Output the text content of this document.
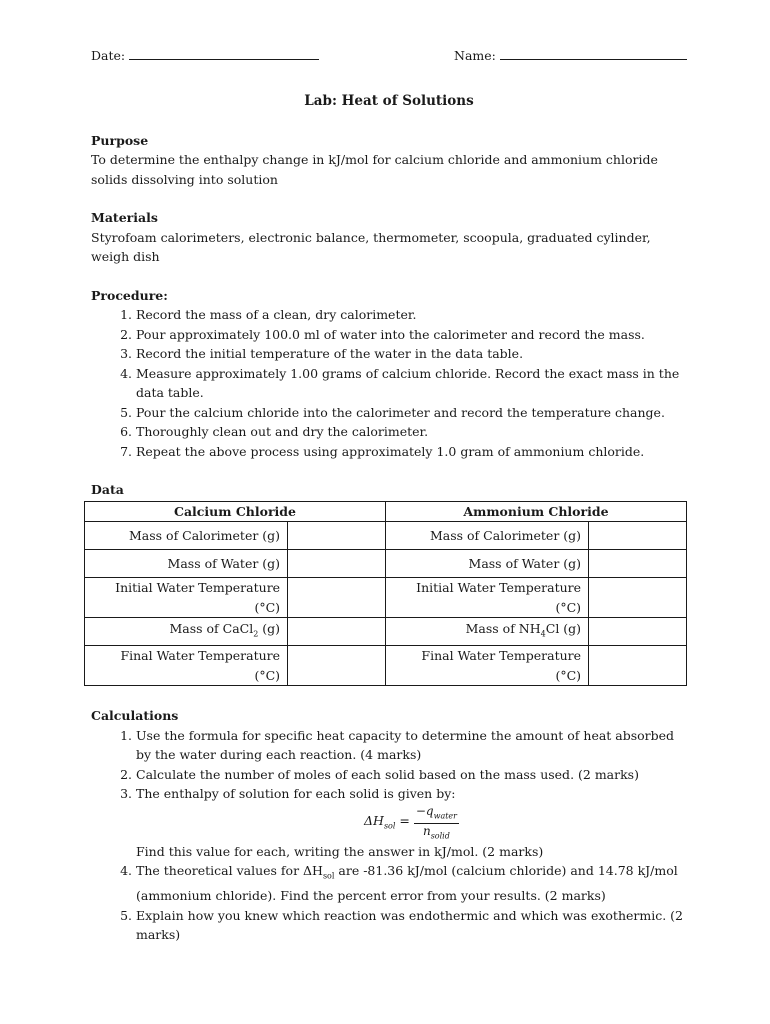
Date:	Name:
Lab: Heat of Solutions
Purpose

To determine the enthalpy change in kJ/mol for calcium chloride and ammonium chloride solids dissolving into solution

Materials

Styrofoam calorimeters, electronic balance, thermometer, scoopula, graduated cylinder, weigh dish

Procedure:
1. Record the mass of a clean, dry calorimeter.
2. Pour approximately 100.0 ml of water into the calorimeter and record the mass.
3. Record the initial temperature of the water in the data table.
4. Measure approximately 1.00 grams of calcium chloride. Record the exact mass in the data table.
5. Pour the calcium chloride into the calorimeter and record the temperature change.
6. Thoroughly clean out and dry the calorimeter.
7. Repeat the above process using approximately 1.0 gram of ammonium chloride.
Data
Calcium Chloride		Ammonium Chloride	
Mass of Calorimeter (g)		Mass of Calorimeter (g)	
Mass of Water (g)		Mass of Water (g)	
Initial Water Temperature (°C)		Initial Water Temperature (°C)	
Mass of CaCl$_2$ (g)		Mass of $NH_4Cl$ (g)	
Final Water Temperature (°C)		Final Water Temperature (°C)	
Calculations
1. Use the formula for specific heat capacity to determine the amount of heat absorbed by the water during each reaction. (4 marks)
2. Calculate the number of moles of each solid based on the mass used. (2 marks)
3. The enthalpy of solution for each solid is given by:
$\Delta H_{sol} = \frac{-q_{water}}{n_{solid}}$
Find this value for each, writing the answer in kJ/mol. (2 marks)
4. The theoretical values for $\Delta H_{sol}$ are -81.36 kJ/mol (calcium chloride) and 14.78 kJ/mol (ammonium chloride). Find the percent error from your results. (2 marks)
5. Explain how you knew which reaction was endothermic and which was exothermic. (2 marks)
